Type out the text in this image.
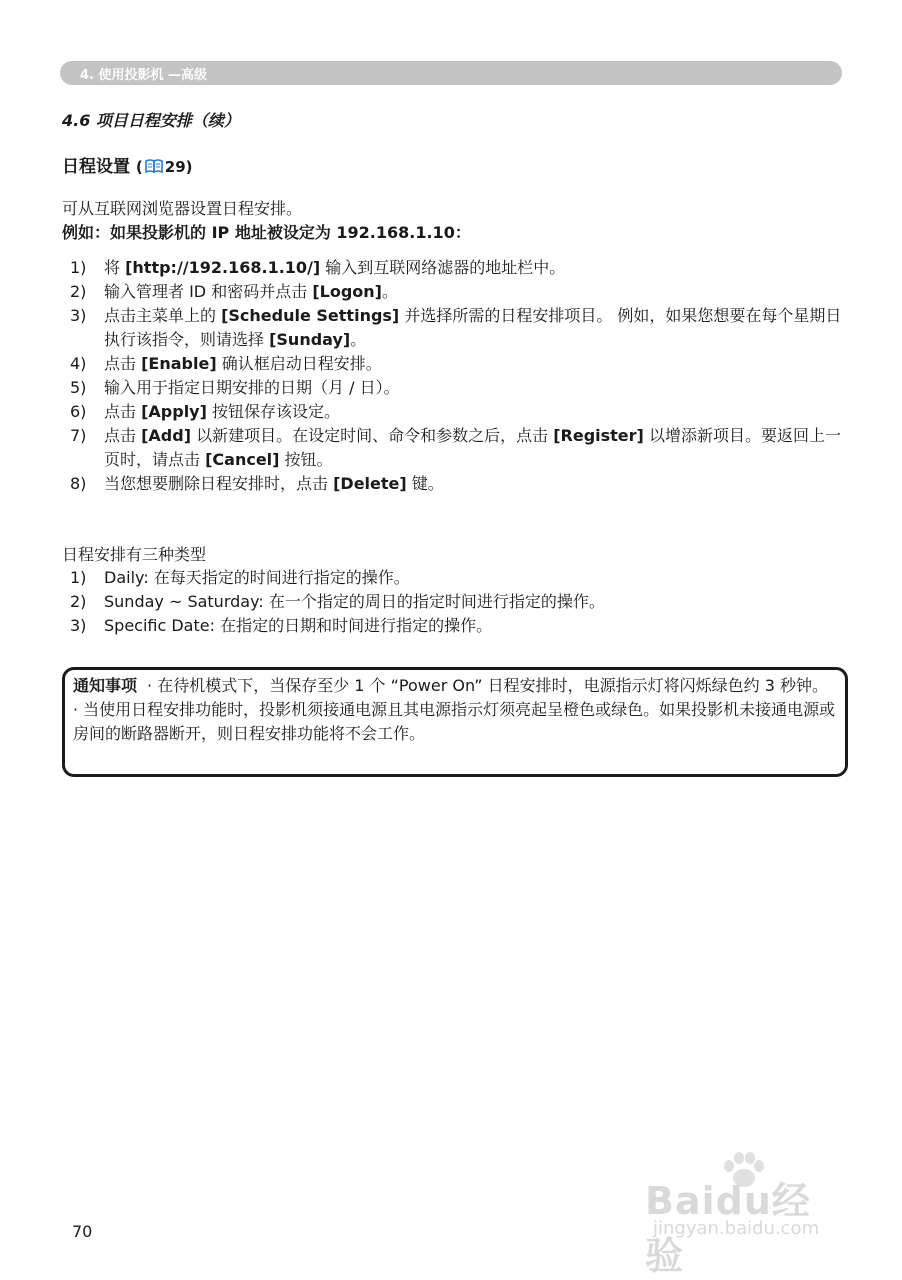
4. 使用投影机 —高级
4.6 项目日程安排（续）
日程设置 ( 29)
可从互联网浏览器设置日程安排。
例如：如果投影机的 IP 地址被设定为 192.168.1.10：
1) 将 [http://192.168.1.10/] 输入到互联网络滤器的地址栏中。
2) 输入管理者 ID 和密码并点击 [Logon]。
3) 点击主菜单上的 [Schedule Settings] 并选择所需的日程安排项目。 例如，如果您想要在每个星期日执行该指令，则请选择 [Sunday]。
4) 点击 [Enable] 确认框启动日程安排。
5) 输入用于指定日期安排的日期（月 / 日）。
6) 点击 [Apply] 按钮保存该设定。
7) 点击 [Add] 以新建项目。在设定时间、命令和参数之后，点击 [Register] 以增添新项目。要返回上一页时，请点击 [Cancel] 按钮。
8) 当您想要删除日程安排时，点击 [Delete] 键。
日程安排有三种类型
1) Daily: 在每天指定的时间进行指定的操作。
2) Sunday ~ Saturday: 在一个指定的周日的指定时间进行指定的操作。
3) Specific Date: 在指定的日期和时间进行指定的操作。
通知事项 · 在待机模式下，当保存至少 1 个 “Power On” 日程安排时，电源指示灯将闪烁绿色约 3 秒钟。
· 当使用日程安排功能时，投影机须接通电源且其电源指示灯须亮起呈橙色或绿色。如果投影机未接通电源或房间的断路器断开，则日程安排功能将不会工作。
70
Baidu经验
jingyan.baidu.com
